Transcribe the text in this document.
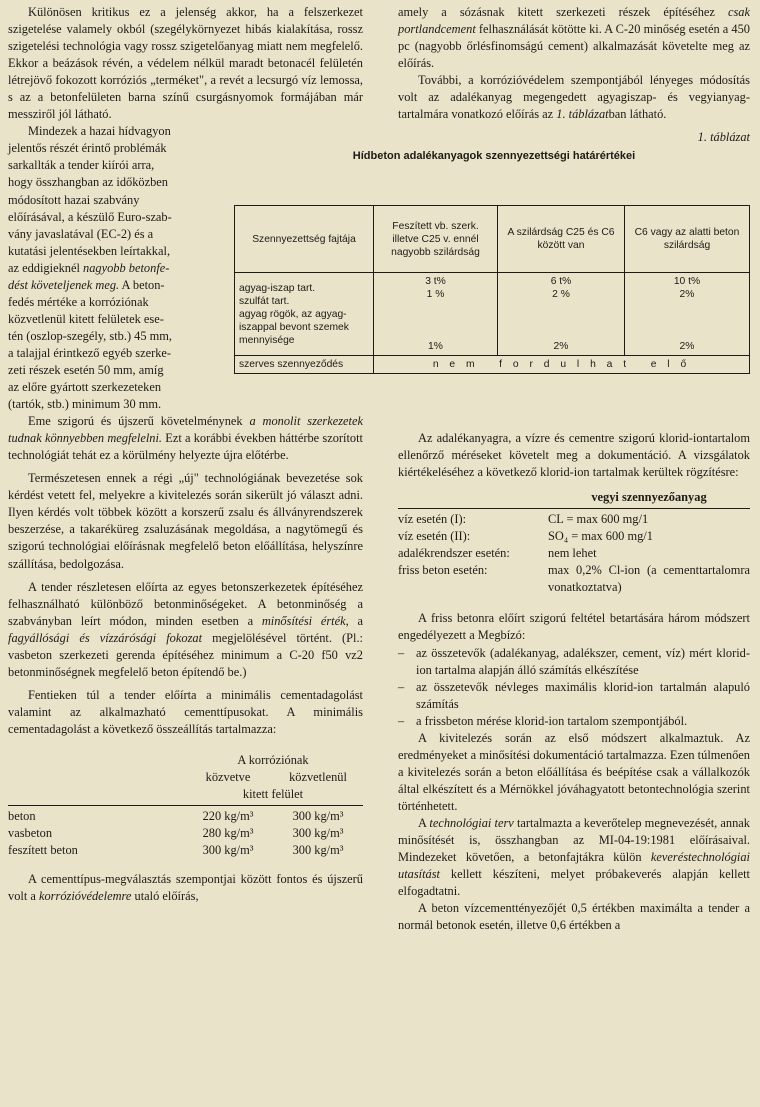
Különösen kritikus ez a jelenség akkor, ha a felszerkezet szigetelése valamely okból (szegélykörnyezet hibás kialakítása, rossz szigetelési technológia vagy rossz szigetelőanyag miatt nem megfelelő. Ekkor a beázások révén, a védelem nélkül maradt betonacél felületén létrejövő fokozott korróziós „terméket", a revét a lecsurgó víz lemossa, s az a betonfelületen barna színű csurgásnyomok formájában már messziről jól látható.

Mindezek a hazai hídvagyon
jelentős részét érintő problémák
sarkallták a tender kiírói arra,
hogy összhangban az időközben
módosított hazai szabvány
előírásával, a készülő Euro-szab-
vány javaslatával (EC-2) és a
kutatási jelentésekben leírtakkal,
az eddigieknél nagyobb betonfe-
dést követeljenek meg. A beton-
fedés mértéke a korróziónak
közvetlenül kitett felületek ese-
tén (oszlop-szegély, stb.) 45 mm,
a talajjal érintkező egyéb szerke-
zeti részek esetén 50 mm, amíg
az előre gyártott szerkezeteken
(tartók, stb.) minimum 30 mm.

Eme szigorú és újszerű követelménynek a monolit szerkezetek tudnak könnyebben megfelelni. Ezt a korábbi években háttérbe szorított technológiát tehát ez a körülmény helyezte újra előtérbe.

Természetesen ennek a régi „új" technológiának bevezetése sok kérdést vetett fel, melyekre a kivitelezés során sikerült jó választ adni. Ilyen kérdés volt többek között a korszerű zsalu és állványrendszerek beszerzése, a takaréküreg zsaluzásának megoldása, a nagytömegű és szigorú technológiai előírásnak megfelelő beton előállítása, helyszínre szállítása, bedolgozása.

A tender részletesen előírta az egyes betonszerkezetek építéséhez felhasználható különböző betonminőségeket. A betonminőség a szabványban leírt módon, minden esetben a minősítési érték, a fagyállósági és vízzárósági fokozat megjelölésével történt. (Pl.: vasbeton szerkezeti gerenda építéséhez minimum a C-20 f50 vz2 betonminőségnek megfelelő beton építendő be.)

Fentieken túl a tender előírta a minimális cementadagolást valamint az alkalmazható cementtípusokat. A minimális cementadagolást a következő összeállítás tartalmazza:

A korróziónak
közvetve	közvetlenül
kitett felület
beton	220 kg/m³	300 kg/m³
vasbeton	280 kg/m³	300 kg/m³
feszített beton	300 kg/m³	300 kg/m³

A cementtípus-megválasztás szempontjai között fontos és újszerű volt a korrózióvédelemre utaló előírás,

amely a sózásnak kitett szerkezeti részek építéséhez csak portlandcement felhasználását kötötte ki. A C-20 minőség esetén a 450 pc (nagyobb őrlésfinomságú cement) alkalmazását követelte meg az előírás.

További, a korrózióvédelem szempontjából lényeges módosítás volt az adalékanyag megengedett agyagiszap- és vegyianyag-tartalmára vonatkozó előírás az 1. táblázatban látható.

1. táblázat
Hídbeton adalékanyagok szennyezettségi határértékei
Szennyezettség fajtája	Feszített vb. szerk. illetve C25 v. ennél nagyobb szilárdság	A szilárdság C25 és C6 között van	C6 vagy az alatti beton szilárdság
agyag-iszap tart.
szulfát tart.
agyag rögök, az agyag-iszappal bevont szemek mennyisége	3 t%
1 %

1%	6 t%
2 %

2%	10 t%
2%

2%
szerves szennyeződés	n e m   f o r d u l h a t   e l ő		

Az adalékanyagra, a vízre és cementre szigorú klorid-iontartalom ellenőrző méréseket követelt meg a dokumentáció. A vizsgálatok kiértékeléséhez a következő klorid-ion tartalmak kerültek rögzítésre:

vegyi szennyezőanyag
víz esetén (I):	CL = max 600 mg/1
víz esetén (II):	SO₄ = max 600 mg/1
adalékrendszer esetén:	nem lehet
friss beton esetén:	max 0,2% Cl-ion (a cementtartalomra vonatkoztatva)

A friss betonra előírt szigorú feltétel betartására három módszert engedélyezett a Megbízó:

– az összetevők (adalékanyag, adalékszer, cement, víz) mért klorid-ion tartalma alapján álló számítás elkészítése
– az összetevők névleges maximális klorid-ion tartalmán alapuló számítás
– a frissbeton mérése klorid-ion tartalom szempontjából.

A kivitelezés során az első módszert alkalmaztuk. Az eredményeket a minősítési dokumentáció tartalmazza. Ezen túlmenően a kivitelezés során a beton előállítása és beépítése csak a vállalkozók által elkészített és a Mérnökkel jóváhagyatott betontechnológia szerint történhetett.

A technológiai terv tartalmazta a keverőtelep megnevezését, annak minősítését is, összhangban az MI-04-19:1981 előírásaival. Mindezeket követően, a betonfajtákra külön keveréstechnológiai utasítást kellett készíteni, melyet próbakeverés alapján kellett elfogadtatni.

A beton vízcementtényezőjét 0,5 értékben maximálta a tender a normál betonok esetén, illetve 0,6 értékben a
